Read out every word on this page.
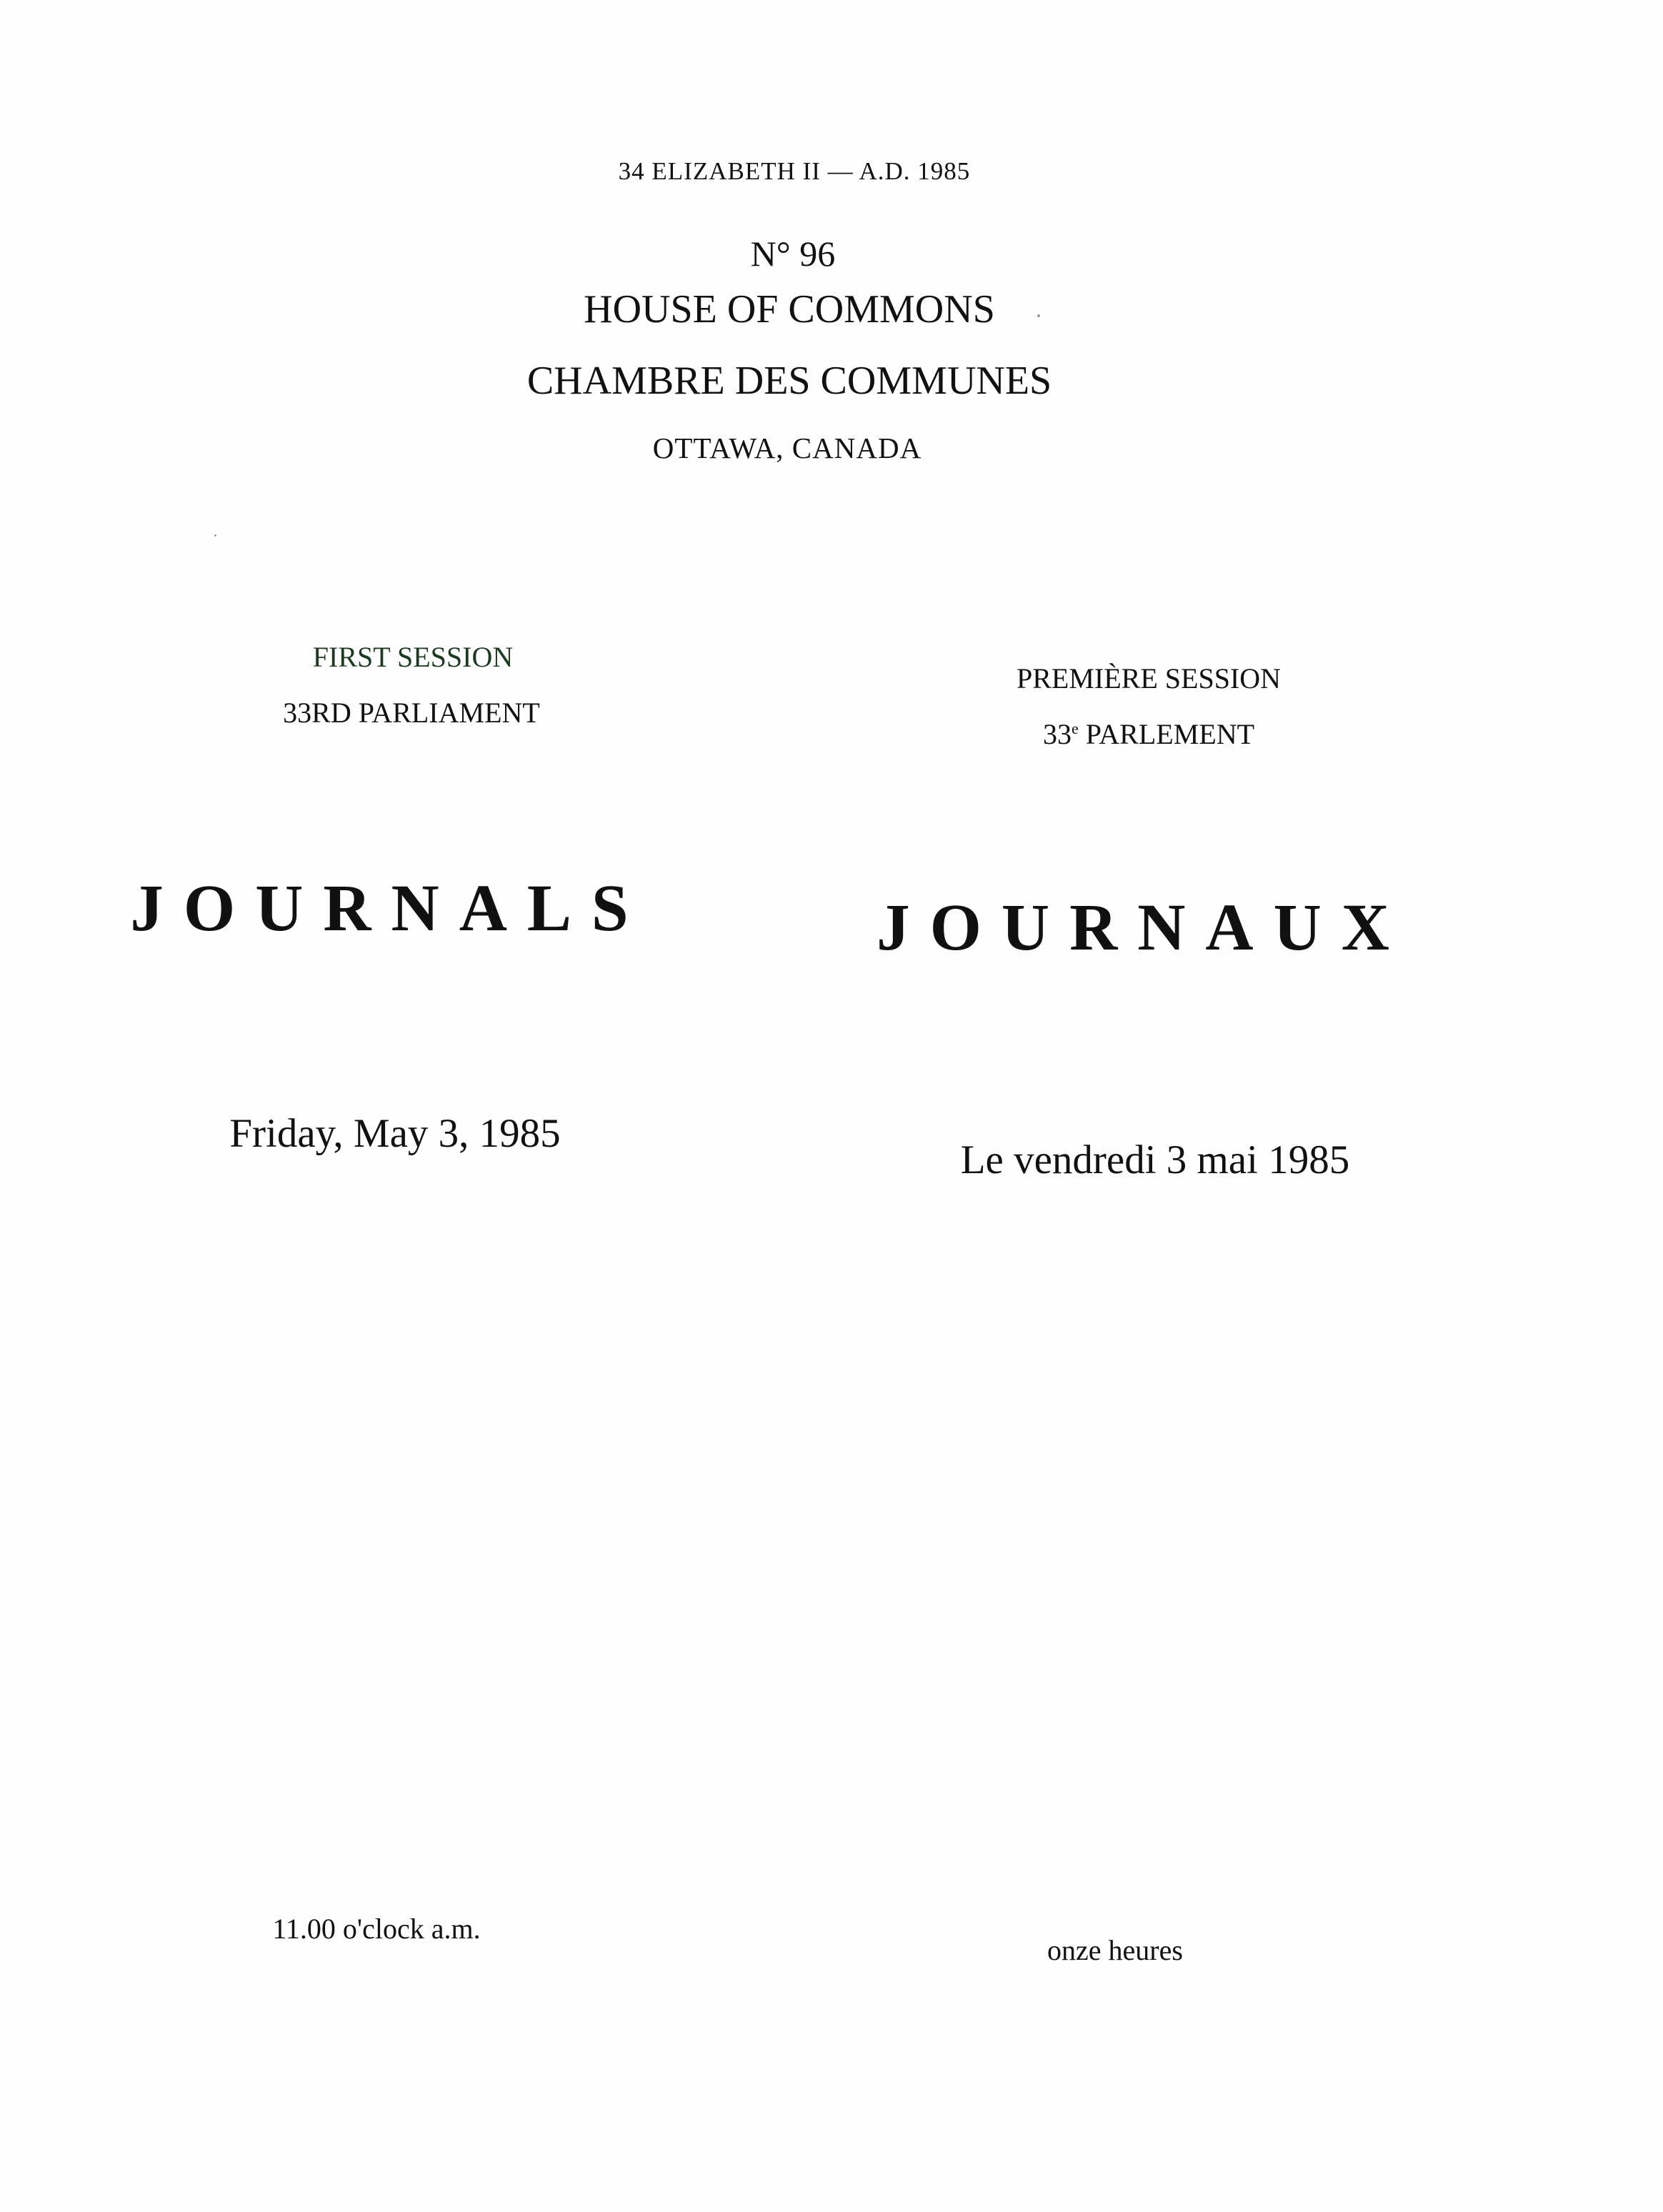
34 ELIZABETH II — A.D. 1985
N° 96
HOUSE OF COMMONS
CHAMBRE DES COMMUNES
OTTAWA, CANADA
FIRST SESSION
33RD PARLIAMENT
JOURNALS
Friday, May 3, 1985
11.00 o'clock a.m.
PREMIÈRE SESSION
33e PARLEMENT
JOURNAUX
Le vendredi 3 mai 1985
onze heures
